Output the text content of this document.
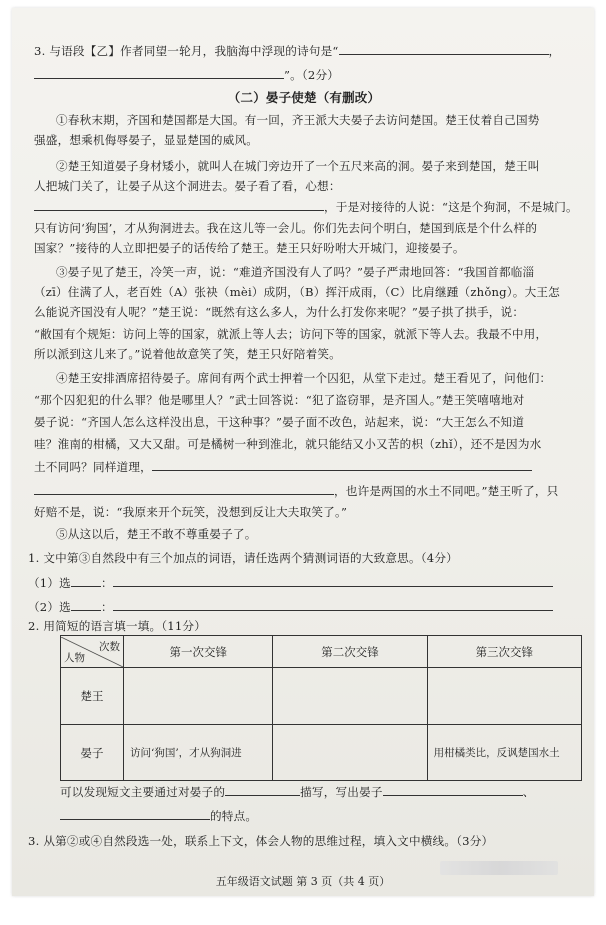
3. 与语段【乙】作者同望一轮月，我脑海中浮现的诗句是“	，
”。（2分）
（二）晏子使楚（有删改）
①春秋末期，齐国和楚国都是大国。有一回，齐王派大夫晏子去访问楚国。楚王仗着自己国势
强盛，想乘机侮辱晏子，显显楚国的威风。
②楚王知道晏子身材矮小，就叫人在城门旁边开了一个五尺来高的洞。晏子来到楚国，楚王叫
人把城门关了，让晏子从这个洞进去。晏子看了看，心想：
，于是对接待的人说：“这是个狗洞，不是城门。
只有访问‘狗国’，才从狗洞进去。我在这儿等一会儿。你们先去问个明白，楚国到底是个什么样的
国家？”接待的人立即把晏子的话传给了楚王。楚王只好吩咐大开城门，迎接晏子。
③晏子见了楚王，冷笑一声，说：“难道齐国没有人了吗？”晏子严肃地回答：“我国首都临淄
（zī）住满了人，老百姓（A）张袂（mèi）成阴，（B）挥汗成雨，（C）比肩继踵（zhǒng）。大王怎
么能说齐国没有人呢？”楚王说：“既然有这么多人，为什么打发你来呢？”晏子拱了拱手，说：
“敝国有个规矩：访问上等的国家，就派上等人去；访问下等的国家，就派下等人去。我最不中用，
所以派到这儿来了。”说着他故意笑了笑，楚王只好陪着笑。
④楚王安排酒席招待晏子。席间有两个武士押着一个囚犯，从堂下走过。楚王看见了，问他们：
“那个囚犯犯的什么罪？他是哪里人？”武士回答说：“犯了盗窃罪，是齐国人。”楚王笑嘻嘻地对
晏子说：“齐国人怎么这样没出息，干这种事？”晏子面不改色，站起来，说：“大王怎么不知道
哇？淮南的柑橘，又大又甜。可是橘树一种到淮北，就只能结又小又苦的枳（zhǐ），还不是因为水
土不同吗？同样道理，
，也许是两国的水土不同吧。”楚王听了，只
好赔不是，说：“我原来开个玩笑，没想到反让大夫取笑了。”
⑤从这以后，楚王不敢不尊重晏子了。
1. 文中第③自然段中有三个加点的词语，请任选两个猜测词语的大致意思。（4分）
（1）选	：
（2）选	：
2. 用简短的语言填一填。（11分）
次数
人物	第一次交锋	第二次交锋	第三次交锋
楚王			
晏子	访问‘狗国’，才从狗洞进		用柑橘类比，反讽楚国水土
可以发现短文主要通过对晏子的	描写，写出晏子	、
的特点。
3. 从第②或④自然段选一处，联系上下文，体会人物的思维过程，填入文中横线。（3分）
五年级语文试题 第 3 页（共 4 页）
